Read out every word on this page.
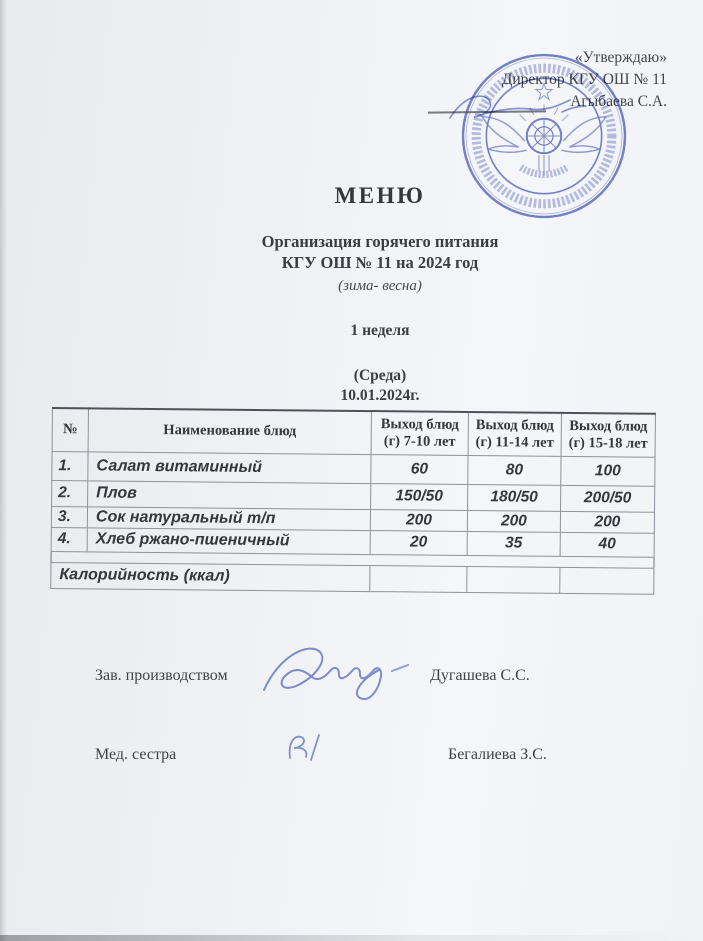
«Утверждаю»
Директор КГУ ОШ № 11
Агыбаева С.А.
МЕНЮ
Организация горячего питания
КГУ ОШ № 11 на 2024 год
(зима- весна)
1 неделя
(Среда)
10.01.2024г.
№	Наименование блюд	Выход блюд (г) 7-10 лет	Выход блюд (г) 11-14 лет	Выход блюд (г) 15-18 лет
1.	Салат витаминный	60	80	100
2.	Плов	150/50	180/50	200/50
3.	Сок натуральный т/п	200	200	200
4.	Хлеб ржано-пшеничный	20	35	40

Калорийность (ккал)				
Зав. производством	Дугашева С.С.
Мед. сестра	Бегалиева З.С.
